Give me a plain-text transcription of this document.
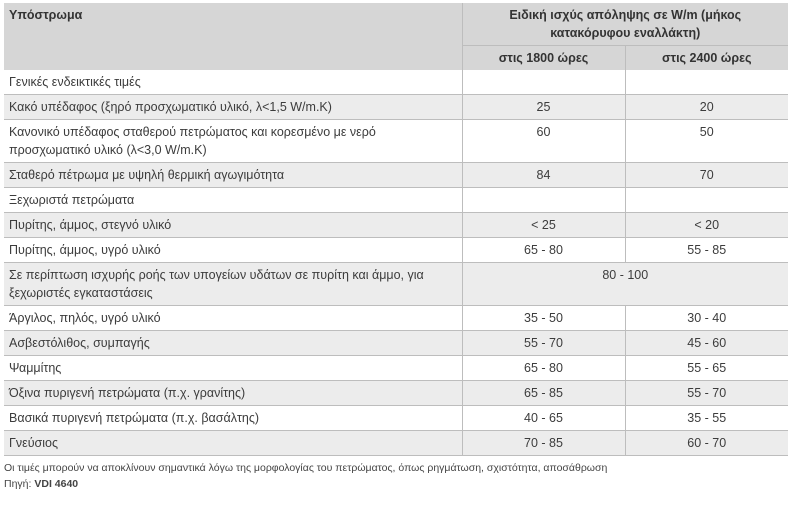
Υπόστρωμα	Ειδική ισχύς απόληψης σε W/m (μήκος κατακόρυφου εναλλάκτη)	
	στις 1800 ώρες	στις 2400 ώρες
Γενικές ενδεικτικές τιμές		
Κακό υπέδαφος (ξηρό προσχωματικό υλικό, λ<1,5 W/m.K)	25	20
Κανονικό υπέδαφος σταθερού πετρώματος και κορεσμένο με νερό προσχωματικό υλικό (λ<3,0 W/m.K)	60	50
Σταθερό πέτρωμα με υψηλή θερμική αγωγιμότητα	84	70
Ξεχωριστά πετρώματα		
Πυρίτης, άμμος, στεγνό υλικό	< 25	< 20
Πυρίτης, άμμος, υγρό υλικό	65 - 80	55 - 85
Σε περίπτωση ισχυρής ροής των υπογείων υδάτων σε πυρίτη και άμμο, για ξεχωριστές εγκαταστάσεις	80 - 100	
Άργιλος, πηλός, υγρό υλικό	35 - 50	30 - 40
Ασβεστόλιθος, συμπαγής	55 - 70	45 - 60
Ψαμμίτης	65 - 80	55 - 65
Όξινα πυριγενή πετρώματα (π.χ. γρανίτης)	65 - 85	55 - 70
Βασικά πυριγενή πετρώματα (π.χ. βασάλτης)	40 - 65	35 - 55
Γνεύσιος	70 - 85	60 - 70
Οι τιμές μπορούν να αποκλίνουν σημαντικά λόγω της μορφολογίας του πετρώματος, όπως ρηγμάτωση, σχιστότητα, αποσάθρωση
Πηγή: VDI 4640
